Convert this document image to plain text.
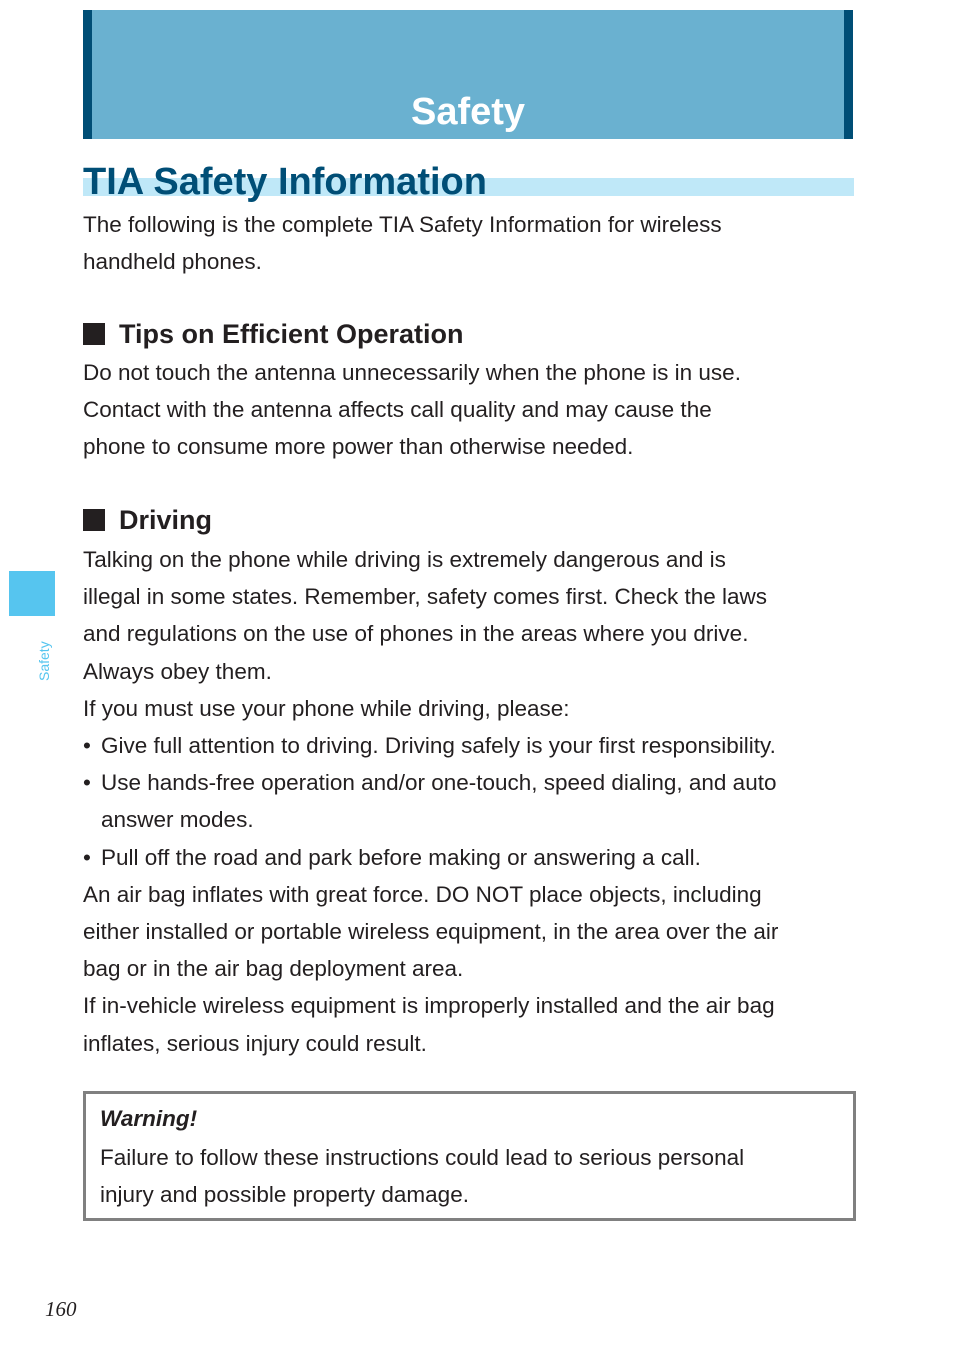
Safety
TIA Safety Information
The following is the complete TIA Safety Information for wireless
handheld phones.
Tips on Efficient Operation
Do not touch the antenna unnecessarily when the phone is in use.
Contact with the antenna affects call quality and may cause the
phone to consume more power than otherwise needed.
Driving
Talking on the phone while driving is extremely dangerous and is
illegal in some states. Remember, safety comes first. Check the laws
and regulations on the use of phones in the areas where you drive.
Always obey them.
If you must use your phone while driving, please:
• Give full attention to driving. Driving safely is your first responsibility.
• Use hands-free operation and/or one-touch, speed dialing, and auto
answer modes.
• Pull off the road and park before making or answering a call.
An air bag inflates with great force. DO NOT place objects, including
either installed or portable wireless equipment, in the area over the air
bag or in the air bag deployment area.
If in-vehicle wireless equipment is improperly installed and the air bag
inflates, serious injury could result.
Warning!
Failure to follow these instructions could lead to serious personal
injury and possible property damage.
Safety
160
